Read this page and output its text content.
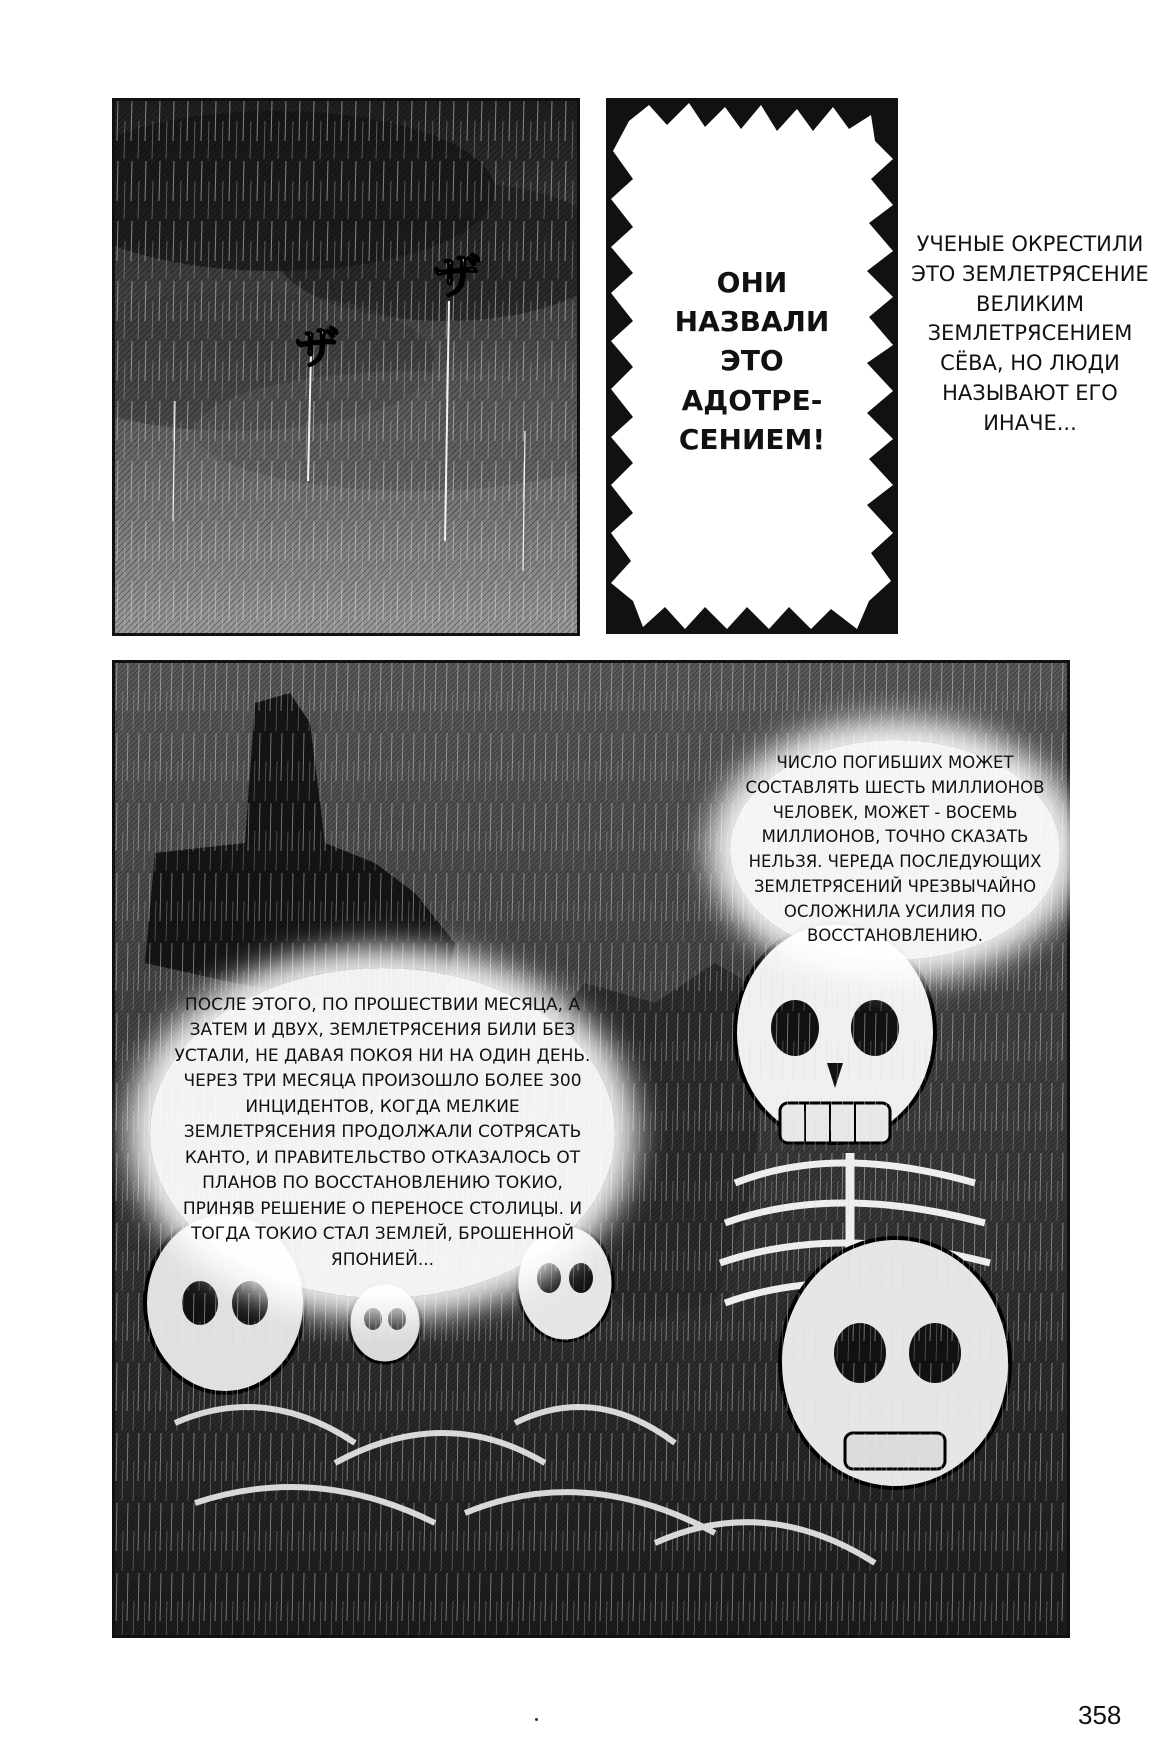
ザ
ザ
ОНИ НАЗВАЛИ ЭТО АДОТРЕ-СЕНИЕМ!
УЧЕНЫЕ ОКРЕСТИЛИ ЭТО ЗЕМЛЕТРЯСЕНИЕ ВЕЛИКИМ ЗЕМЛЕТРЯСЕНИЕМ СЁВА, НО ЛЮДИ НАЗЫВАЮТ ЕГО ИНАЧЕ...

ЧИСЛО ПОГИБШИХ МОЖЕТ СОСТАВЛЯТЬ ШЕСТЬ МИЛЛИОНОВ ЧЕЛОВЕК, МОЖЕТ - ВОСЕМЬ МИЛЛИОНОВ, ТОЧНО СКАЗАТЬ НЕЛЬЗЯ. ЧЕРЕДА ПОСЛЕДУЮЩИХ ЗЕМЛЕТРЯСЕНИЙ ЧРЕЗВЫЧАЙНО ОСЛОЖНИЛА УСИЛИЯ ПО ВОССТАНОВЛЕНИЮ.

ПОСЛЕ ЭТОГО, ПО ПРОШЕСТВИИ МЕСЯЦА, А ЗАТЕМ И ДВУХ, ЗЕМЛЕТРЯСЕНИЯ БИЛИ БЕЗ УСТАЛИ, НЕ ДАВАЯ ПОКОЯ НИ НА ОДИН ДЕНЬ. ЧЕРЕЗ ТРИ МЕСЯЦА ПРОИЗОШЛО БОЛЕЕ 300 ИНЦИДЕНТОВ, КОГДА МЕЛКИЕ ЗЕМЛЕТРЯСЕНИЯ ПРОДОЛЖАЛИ СОТРЯСАТЬ КАНТО, И ПРАВИТЕЛЬСТВО ОТКАЗАЛОСЬ ОТ ПЛАНОВ ПО ВОССТАНОВЛЕНИЮ ТОКИО, ПРИНЯВ РЕШЕНИЕ О ПЕРЕНОСЕ СТОЛИЦЫ. И ТОГДА ТОКИО СТАЛ ЗЕМЛЕЙ, БРОШЕННОЙ ЯПОНИЕЙ...

358
